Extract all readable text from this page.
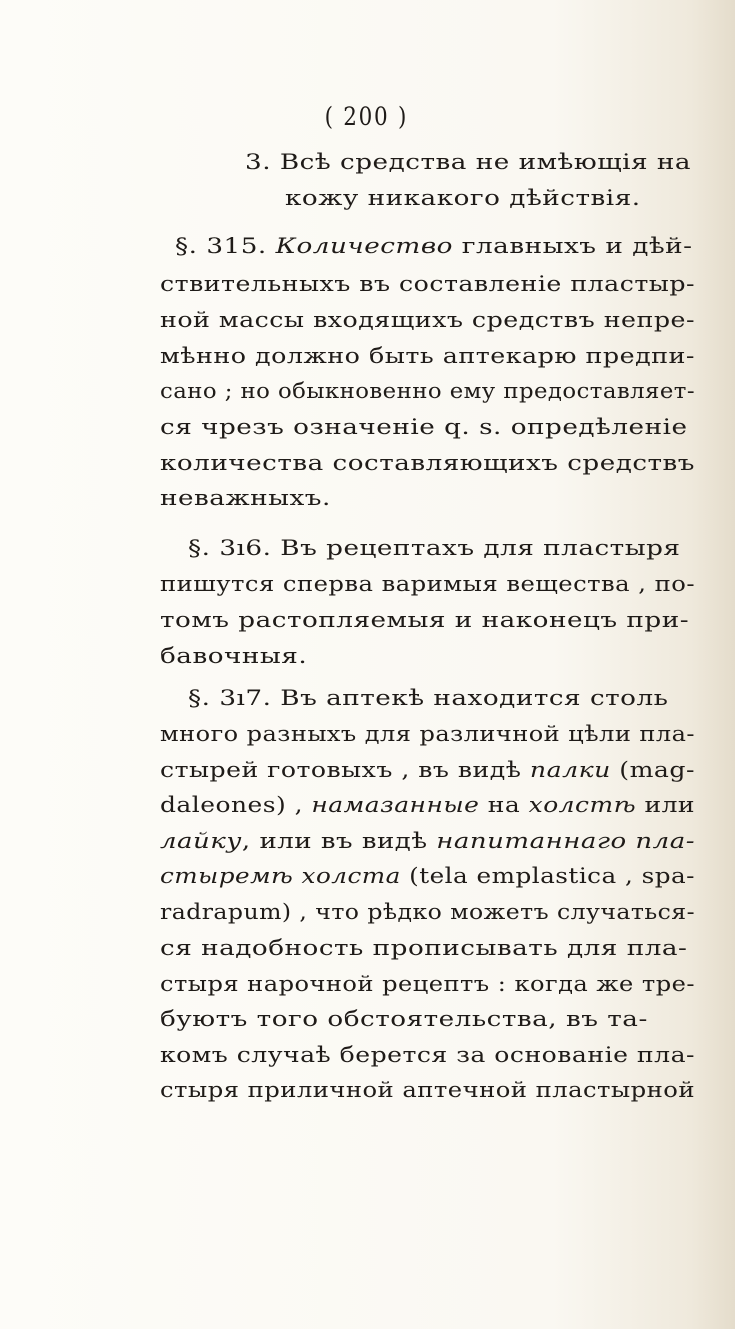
( 200 )
3. Всѣ средства не имѣющія на
кожу никакого дѣйствія.
§. 315. Количество главныхъ и дѣй-
ствительныхъ въ составленіе пластыр-
ной массы входящихъ средствъ непре-
мѣнно должно быть аптекарю предпи-
сано ; но обыкновенно ему предоставляет-
ся чрезъ означеніе q. s. опредѣленіе
количества составляющихъ средствъ
неважныхъ.
§. 3ı6. Въ рецептахъ для пластыря
пишутся сперва варимыя вещества , по-
томъ растопляемыя и наконецъ при-
бавочныя.
§. 3ı7. Въ аптекѣ находится столь
много разныхъ для различной цѣли пла-
стырей готовыхъ , въ видѣ палки (mag-
daleones) , намазанные на холстѣ или
лайку, или въ видѣ напитаннаго пла-
стыремѣ холста (tela emplastica , spa-
radrapum) , что рѣдко можетъ случаться-
ся надобность прописывать для пла-
стыря нарочной рецептъ : когда же тре-
буютъ того обстоятельства, въ та-
комъ случаѣ берется за основаніе пла-
стыря приличной аптечной пластырной
